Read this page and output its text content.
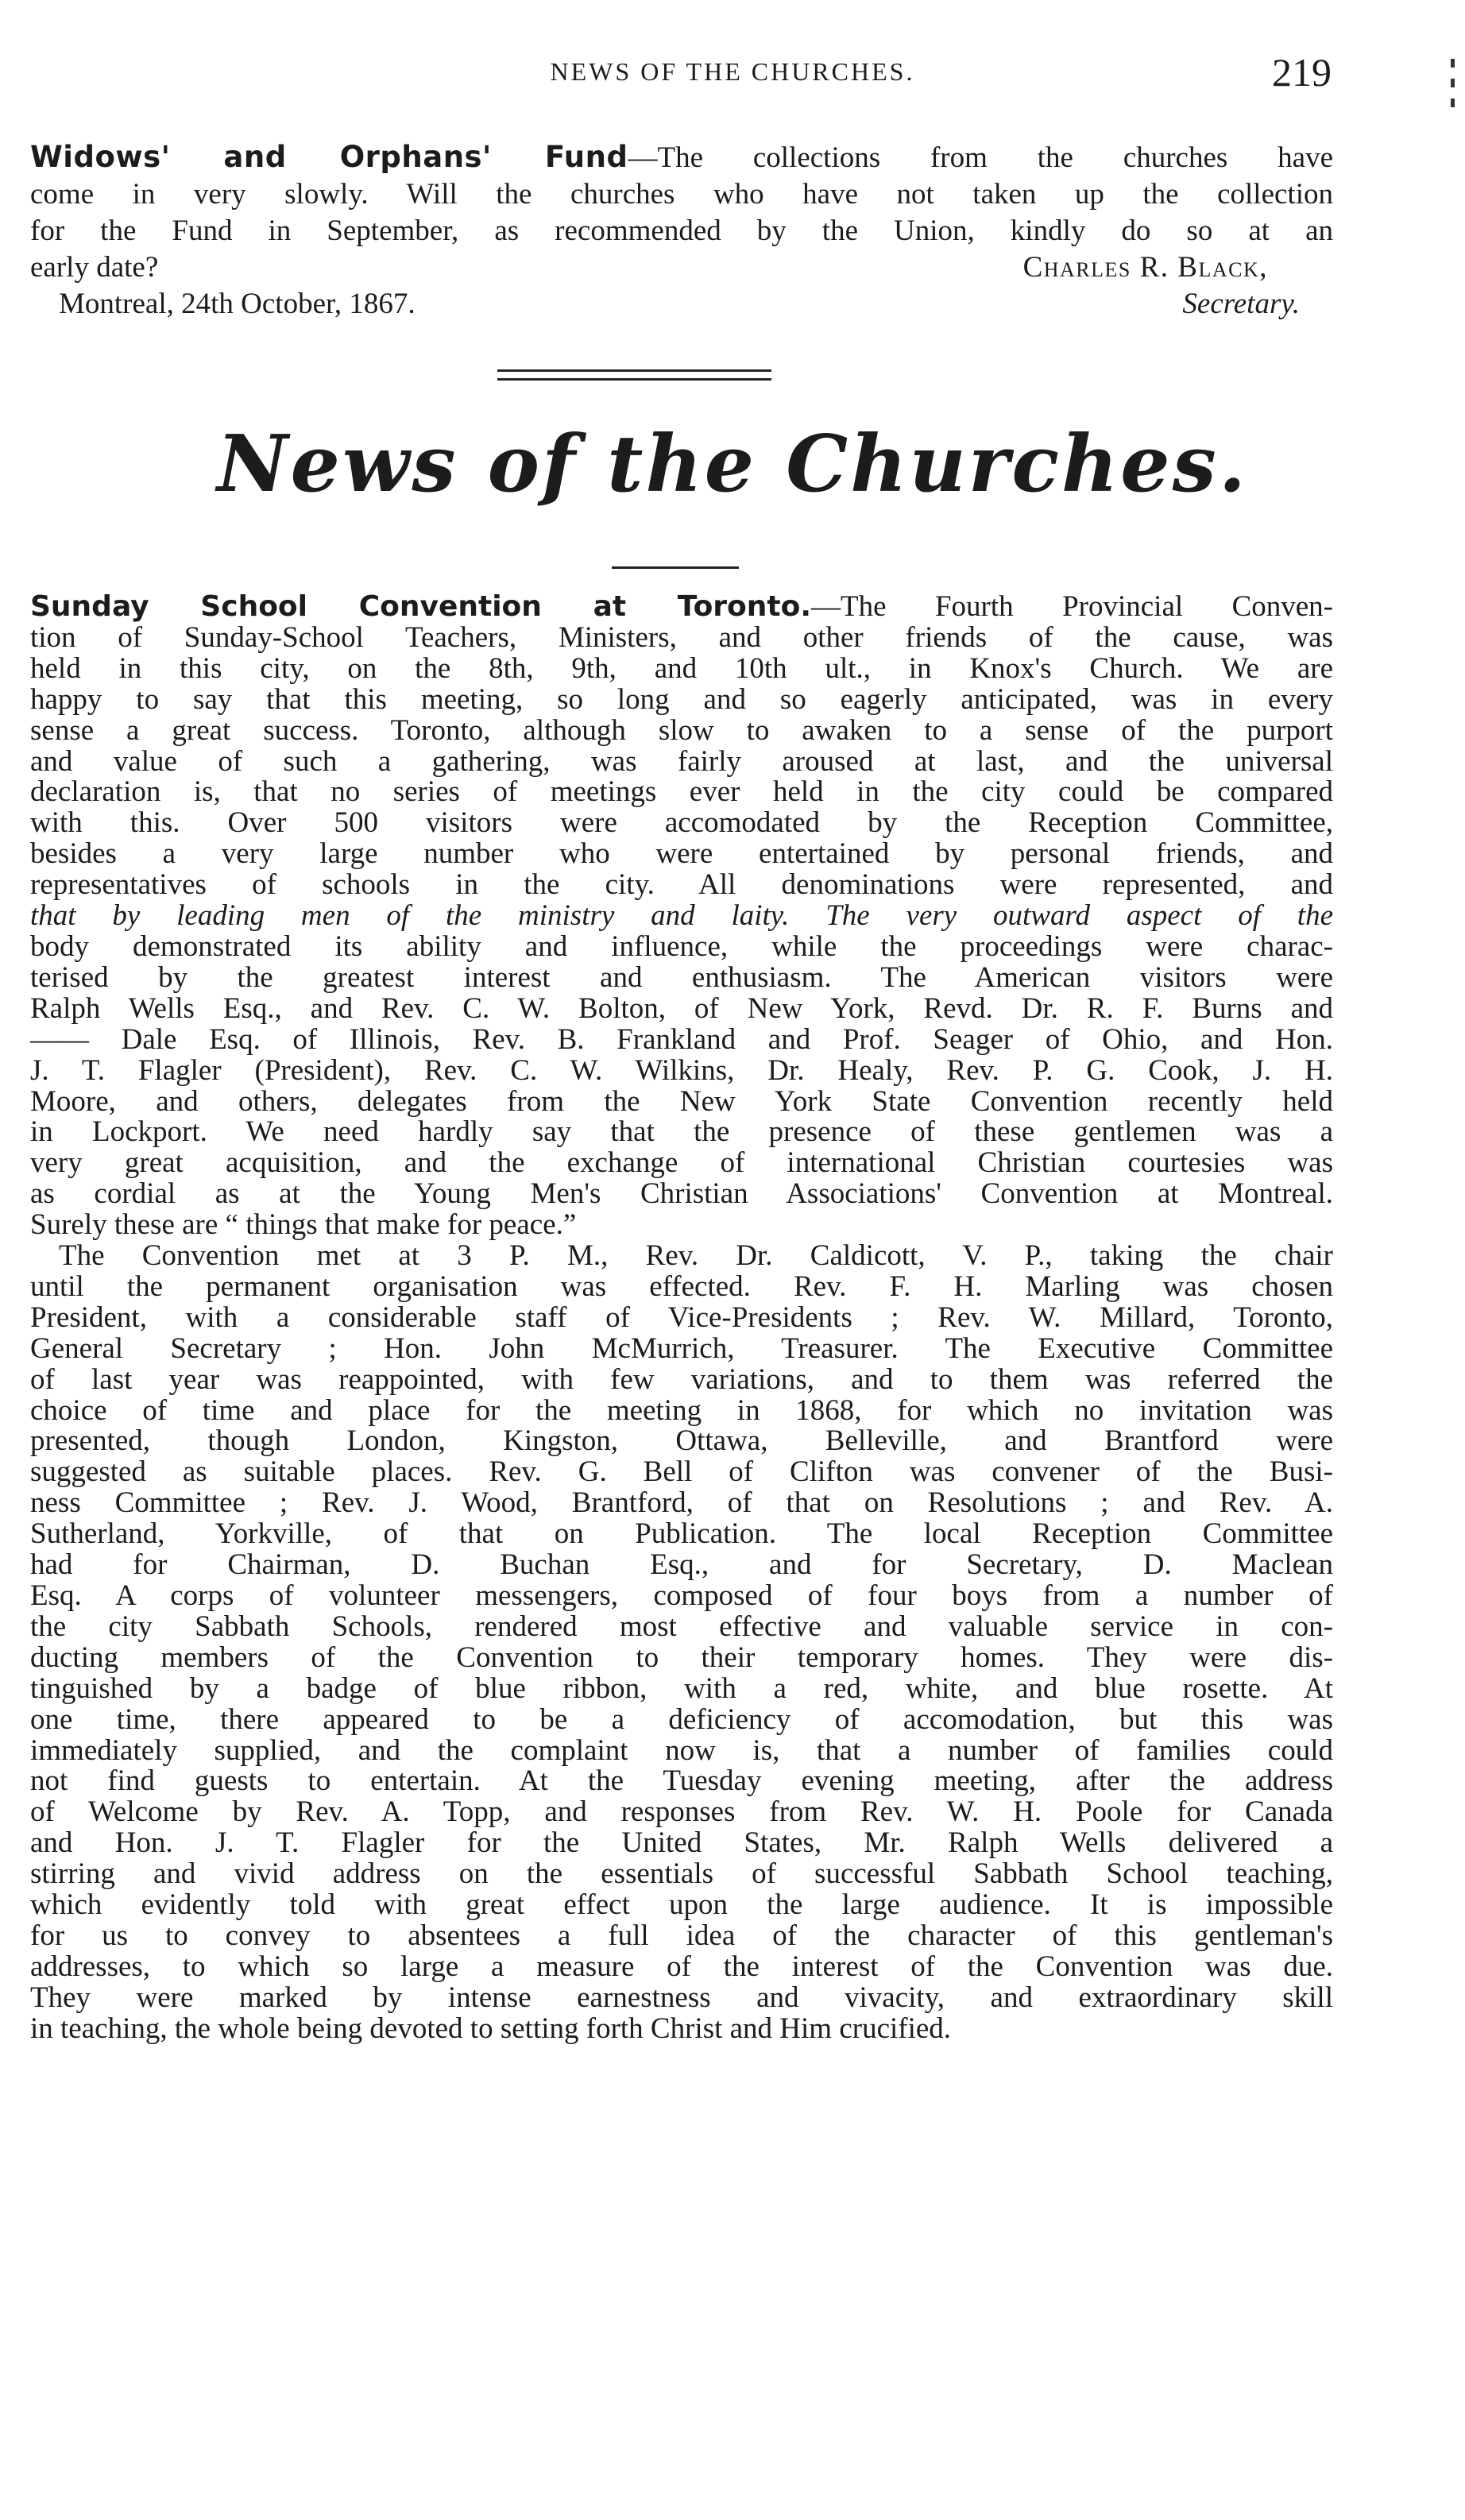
NEWS OF THE CHURCHES.	219
Widows' and Orphans' Fund—The collections from the churches have
come in very slowly. Will the churches who have not taken up the collection
for the Fund in September, as recommended by the Union, kindly do so at an
early date?	Charles R. Black,
Montreal, 24th October, 1867.	Secretary.
News of the Churches.
Sunday School Convention at Toronto.—The Fourth Provincial Conven-
tion of Sunday-School Teachers, Ministers, and other friends of the cause, was
held in this city, on the 8th, 9th, and 10th ult., in Knox's Church. We are
happy to say that this meeting, so long and so eagerly anticipated, was in every
sense a great success. Toronto, although slow to awaken to a sense of the purport
and value of such a gathering, was fairly aroused at last, and the universal
declaration is, that no series of meetings ever held in the city could be compared
with this. Over 500 visitors were accomodated by the Reception Committee,
besides a very large number who were entertained by personal friends, and
representatives of schools in the city. All denominations were represented, and
that by leading men of the ministry and laity. The very outward aspect of the
body demonstrated its ability and influence, while the proceedings were charac-
terised by the greatest interest and enthusiasm. The American visitors were
Ralph Wells Esq., and Rev. C. W. Bolton, of New York, Revd. Dr. R. F. Burns and
—— Dale Esq. of Illinois, Rev. B. Frankland and Prof. Seager of Ohio, and Hon.
J. T. Flagler (President), Rev. C. W. Wilkins, Dr. Healy, Rev. P. G. Cook, J. H.
Moore, and others, delegates from the New York State Convention recently held
in Lockport. We need hardly say that the presence of these gentlemen was a
very great acquisition, and the exchange of international Christian courtesies was
as cordial as at the Young Men's Christian Associations' Convention at Montreal.
Surely these are “ things that make for peace.”
The Convention met at 3 P. M., Rev. Dr. Caldicott, V. P., taking the chair
until the permanent organisation was effected. Rev. F. H. Marling was chosen
President, with a considerable staff of Vice-Presidents ; Rev. W. Millard, Toronto,
General Secretary ; Hon. John McMurrich, Treasurer. The Executive Committee
of last year was reappointed, with few variations, and to them was referred the
choice of time and place for the meeting in 1868, for which no invitation was
presented, though London, Kingston, Ottawa, Belleville, and Brantford were
suggested as suitable places. Rev. G. Bell of Clifton was convener of the Busi-
ness Committee ; Rev. J. Wood, Brantford, of that on Resolutions ; and Rev. A.
Sutherland, Yorkville, of that on Publication. The local Reception Committee
had for Chairman, D. Buchan Esq., and for Secretary, D. Maclean
Esq. A corps of volunteer messengers, composed of four boys from a number of
the city Sabbath Schools, rendered most effective and valuable service in con-
ducting members of the Convention to their temporary homes. They were dis-
tinguished by a badge of blue ribbon, with a red, white, and blue rosette. At
one time, there appeared to be a deficiency of accomodation, but this was
immediately supplied, and the complaint now is, that a number of families could
not find guests to entertain. At the Tuesday evening meeting, after the address
of Welcome by Rev. A. Topp, and responses from Rev. W. H. Poole for Canada
and Hon. J. T. Flagler for the United States, Mr. Ralph Wells delivered a
stirring and vivid address on the essentials of successful Sabbath School teaching,
which evidently told with great effect upon the large audience. It is impossible
for us to convey to absentees a full idea of the character of this gentleman's
addresses, to which so large a measure of the interest of the Convention was due.
They were marked by intense earnestness and vivacity, and extraordinary skill
in teaching, the whole being devoted to setting forth Christ and Him crucified.
